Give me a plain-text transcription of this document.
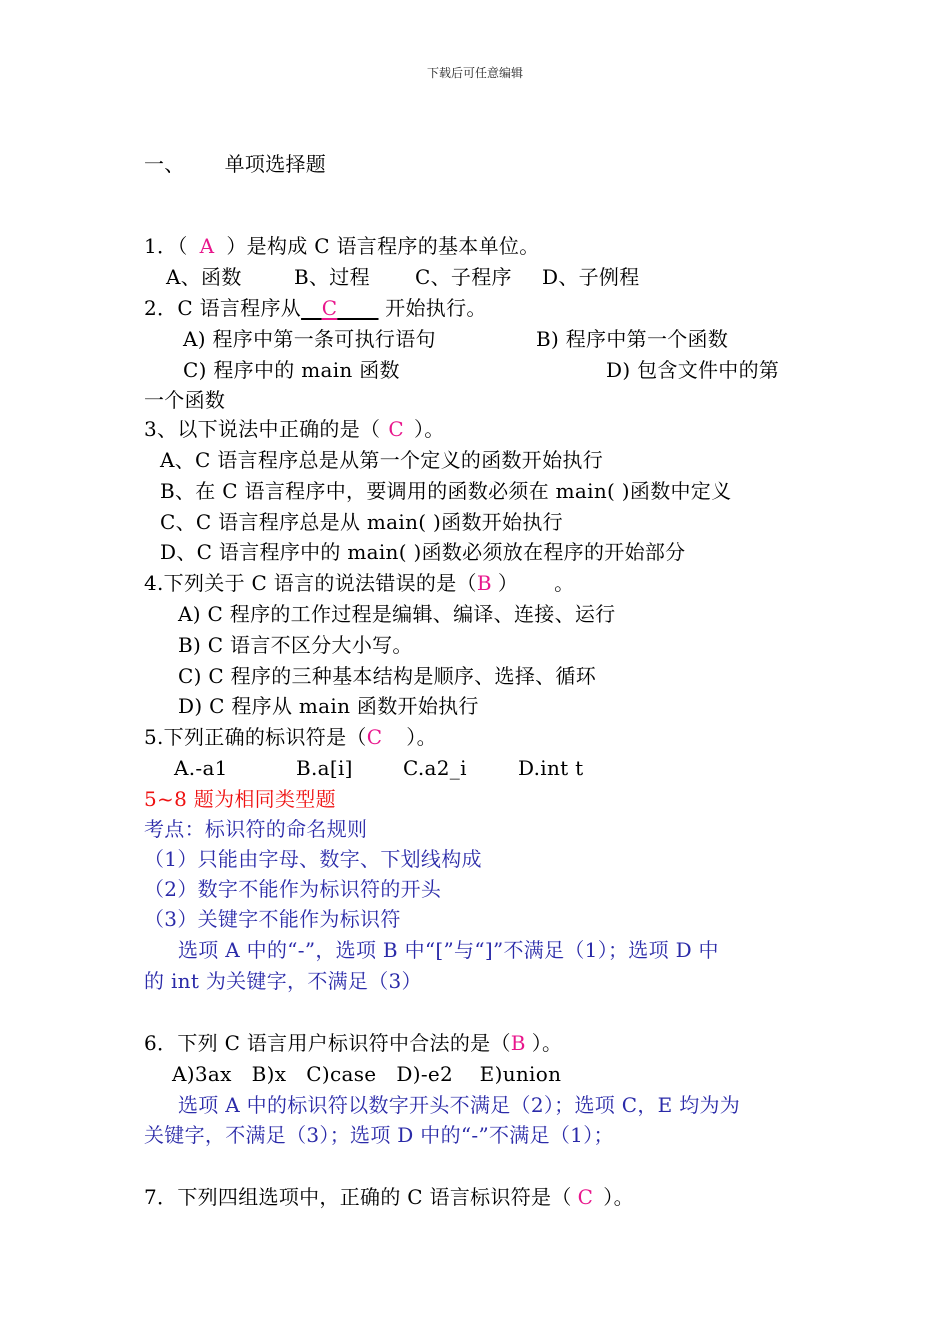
下载后可任意编辑
一、 单项选择题
1．（ A ）是构成 C 语言程序的基本单位。
A、函数	B、过程 C、子程序 D、子例程
2．C 语言程序从__C____ 开始执行。
A) 程序中第一条可执行语句	B) 程序中第一个函数
C) 程序中的 main 函数	D) 包含文件中的第
一个函数
3、以下说法中正确的是（ C ）。
A、C 语言程序总是从第一个定义的函数开始执行
B、在 C 语言程序中，要调用的函数必须在 main( )函数中定义
C、C 语言程序总是从 main( )函数开始执行
D、C 语言程序中的 main( )函数必须放在程序的开始部分
4.下列关于 C 语言的说法错误的是（B ） 。
A) C 程序的工作过程是编辑、编译、连接、运行
B) C 语言不区分大小写。
C) C 程序的三种基本结构是顺序、选择、循环
D) C 程序从 main 函数开始执行
5.下列正确的标识符是（C ）。
A.-a1	B.a[i]	C.a2_i	D.int t
5~8 题为相同类型题
考点：标识符的命名规则
（1）只能由字母、数字、下划线构成
（2）数字不能作为标识符的开头
（3）关键字不能作为标识符
选项 A 中的“-”，选项 B 中“[”与“]”不满足（1）；选项 D 中
的 int 为关键字，不满足（3）
6．下列 C 语言用户标识符中合法的是（B ）。
A)3ax   B)x   C)case   D)-e2    E)union
选项 A 中的标识符以数字开头不满足（2）；选项 C，E 均为为
关键字，不满足（3）；选项 D 中的“-”不满足（1）；
7．下列四组选项中，正确的 C 语言标识符是（ C ）。
